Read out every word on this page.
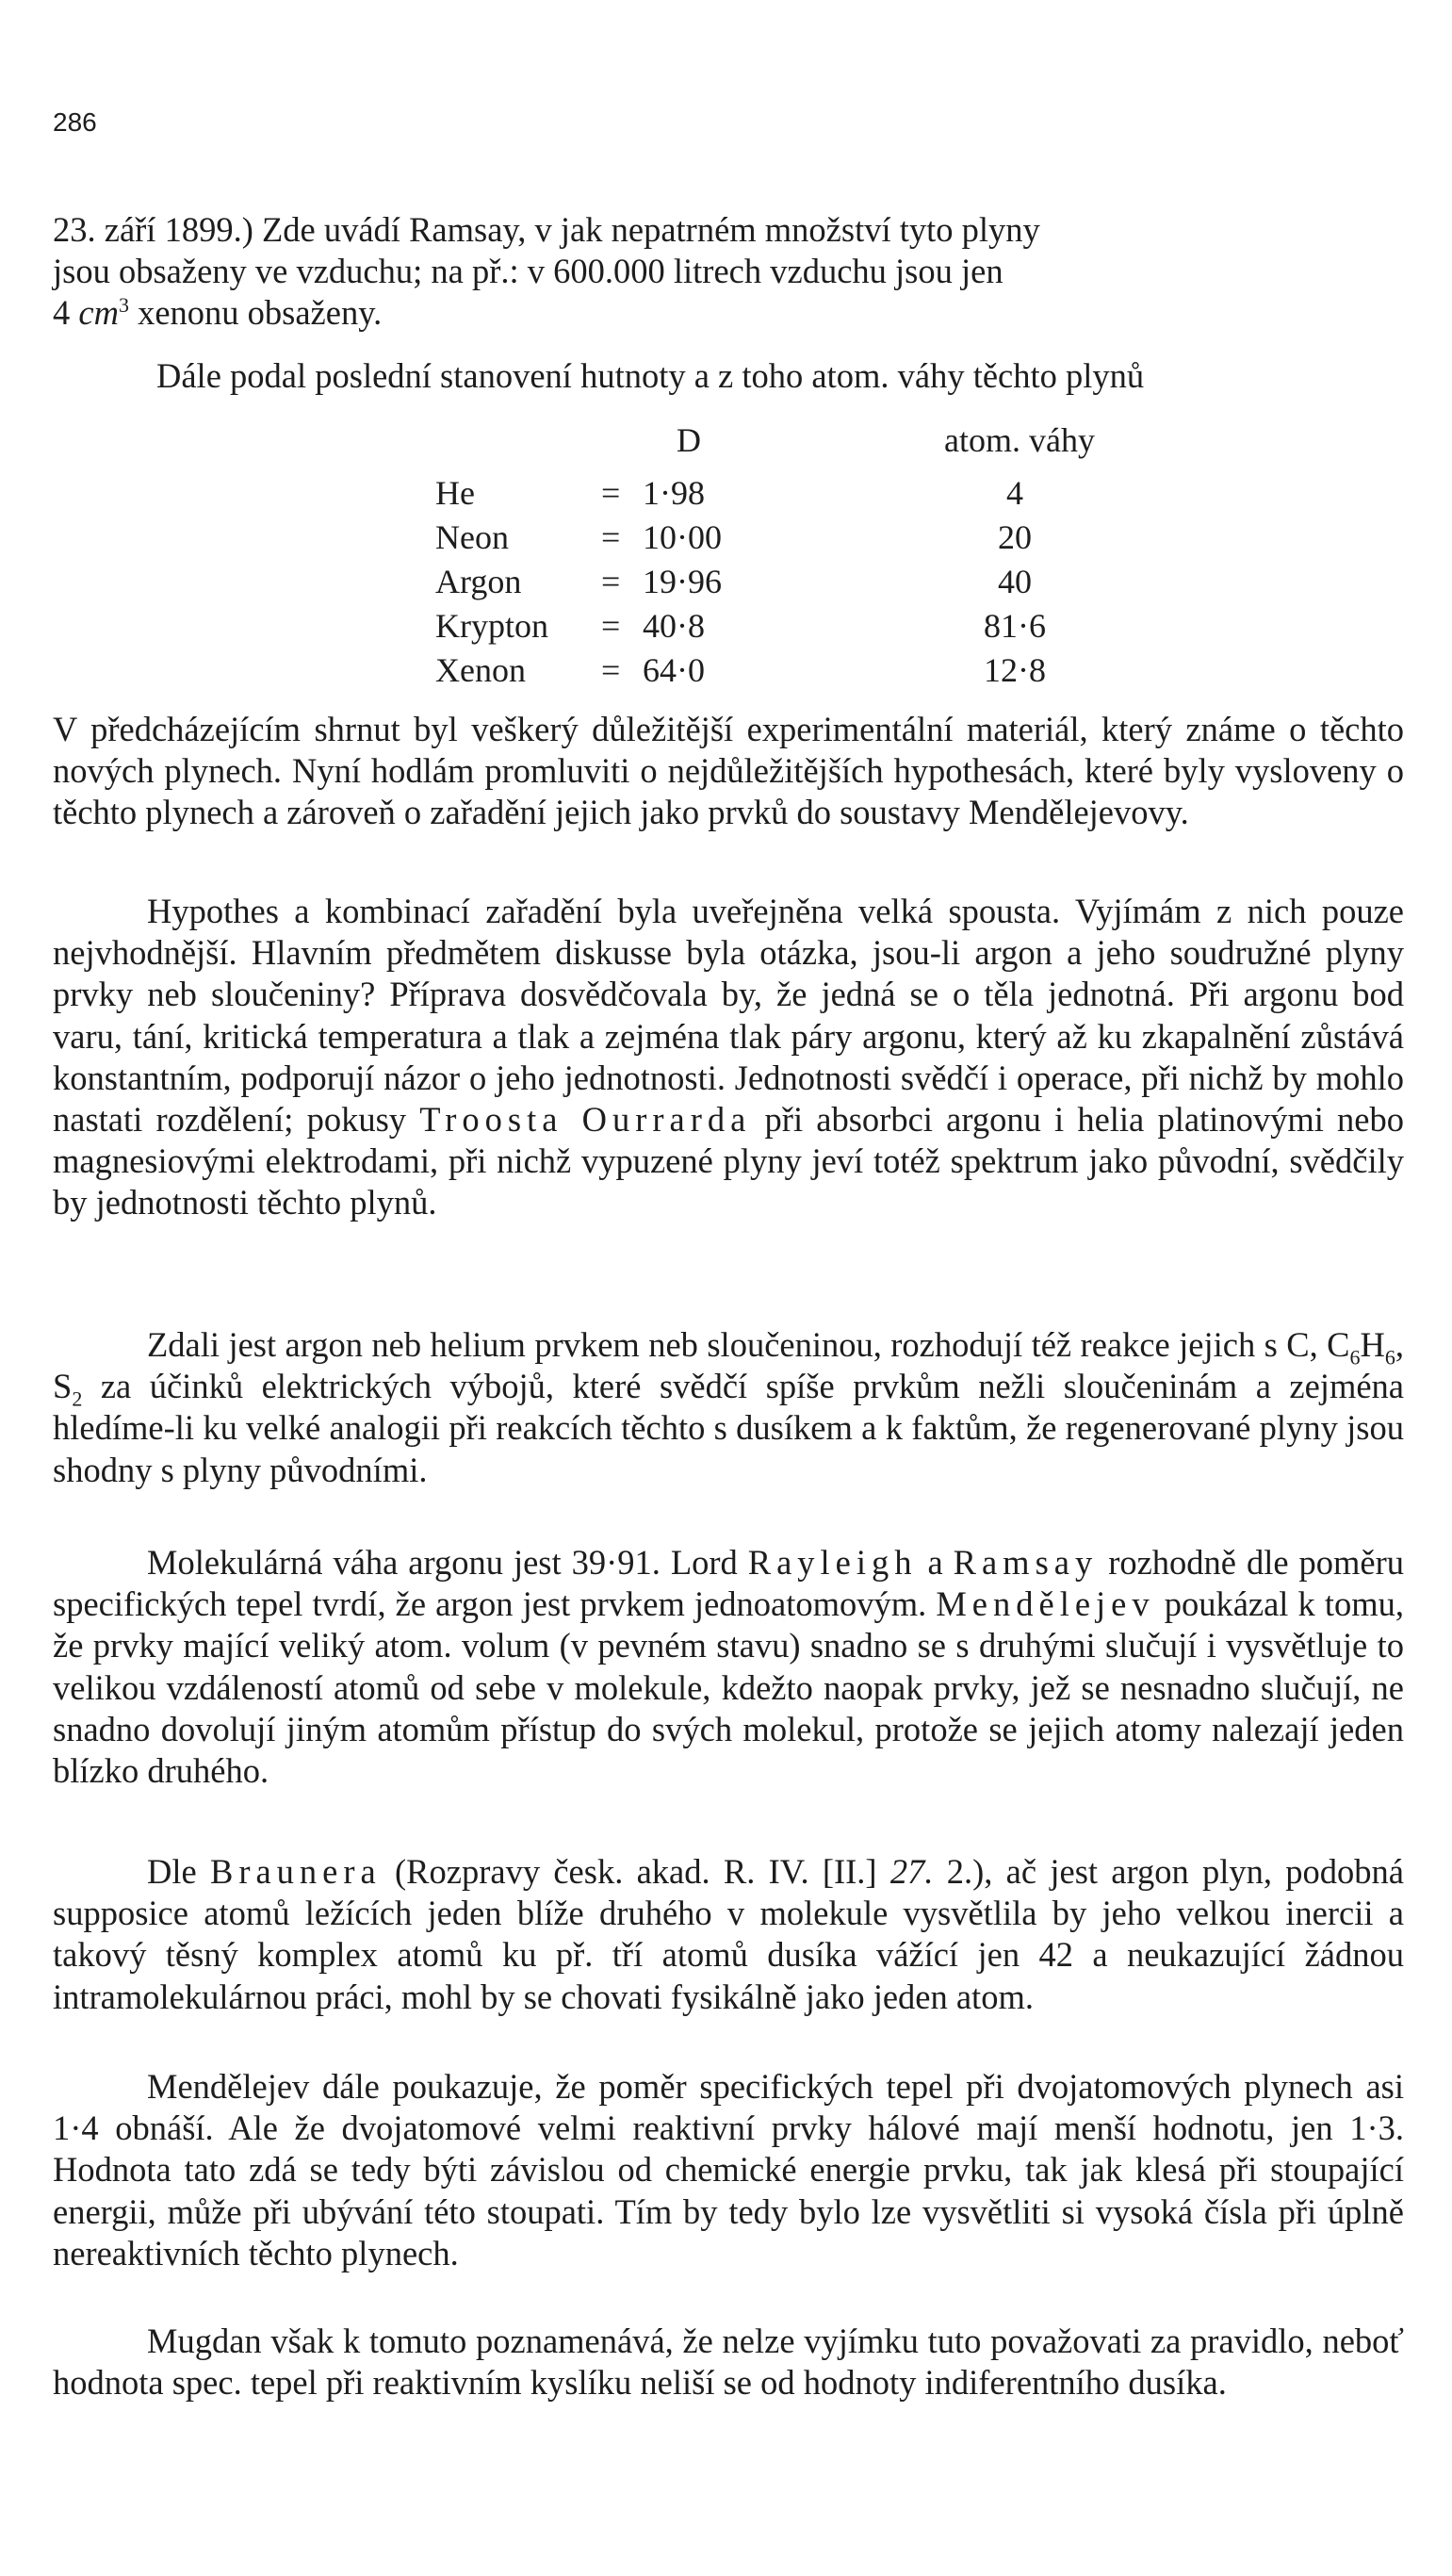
286
23. září 1899.) Zde uvádí Ramsay, v jak nepatrném množství tyto plyny
jsou obsaženy ve vzduchu; na př.: v 600.000 litrech vzduchu jsou jen
4 $cm^3$ xenonu obsaženy.
Dále podal poslední stanovení hutnoty a z toho atom. váhy těchto plynů
D	atom. váhy
He	= 1·98	4
Neon	= 10·00	20
Argon	= 19·96	40
Krypton	= 40·8	81·6
Xenon	= 64·0	12·8

V předcházejícím shrnut byl veškerý důležitější experimentální materiál, který známe o těchto nových plynech. Nyní hodlám promluviti o nejdůležitějších hypothesách, které byly vysloveny o těchto plynech a zároveň o zařadění jejich jako prvků do soustavy Mendělejevovy.

Hypothes a kombinací zařadění byla uveřejněna velká spousta. Vyjímám z nich pouze nejvhodnější. Hlavním předmětem diskusse byla otázka, jsou-li argon a jeho soudružné plyny prvky neb sloučeniny? Příprava dosvědčovala by, že jedná se o těla jednotná. Při argonu bod varu, tání, kritická temperatura a tlak a zejména tlak páry argonu, který až ku zkapalnění zůstává konstantním, podporují názor o jeho jednotnosti. Jednotnosti svědčí i operace, při nichž by mohlo nastati rozdělení; pokusy Troosta Ourrarda při absorbci argonu i helia platinovými nebo magnesiovými elektrodami, při nichž vypuzené plyny jeví totéž spektrum jako původní, svědčily by jednotnosti těchto plynů.

Zdali jest argon neb helium prvkem neb sloučeninou, rozhodují též reakce jejich s C, $C_6H_6$, $S_2$ za účinků elektrických výbojů, které svědčí spíše prvkům nežli sloučeninám a zejména hledíme-li ku velké analogii při reakcích těchto s dusíkem a k faktům, že regenerované plyny jsou shodny s plyny původními.

Molekulárná váha argonu jest 39·91. Lord Rayleigh a Ramsay rozhodně dle poměru specifických tepel tvrdí, že argon jest prvkem jednoatomovým. Mendělejev poukázal k tomu, že prvky mající veliký atom. volum (v pevném stavu) snadno se s druhými slučují i vysvětluje to velikou vzdáleností atomů od sebe v molekule, kdežto naopak prvky, jež se nesnadno slučují, ne snadno dovolují jiným atomům přístup do svých molekul, protože se jejich atomy nalezají jeden blízko druhého.

Dle Braunera (Rozpravy česk. akad. R. IV. [II.] 27. 2.), ač jest argon plyn, podobná supposice atomů ležících jeden blíže druhého v molekule vysvětlila by jeho velkou inercii a takový těsný komplex atomů ku př. tří atomů dusíka vážící jen 42 a neukazující žádnou intramolekulárnou práci, mohl by se chovati fysikálně jako jeden atom.

Mendělejev dále poukazuje, že poměr specifických tepel při dvojatomových plynech asi 1·4 obnáší. Ale že dvojatomové velmi reaktivní prvky hálové mají menší hodnotu, jen 1·3. Hodnota tato zdá se tedy býti závislou od chemické energie prvku, tak jak klesá při stoupající energii, může při ubývání této stoupati. Tím by tedy bylo lze vysvětliti si vysoká čísla při úplně nereaktivních těchto plynech.

Mugdan však k tomuto poznamenává, že nelze vyjímku tuto považovati za pravidlo, neboť hodnota spec. tepel při reaktivním kyslíku neliší se od hodnoty indiferentního dusíka.
